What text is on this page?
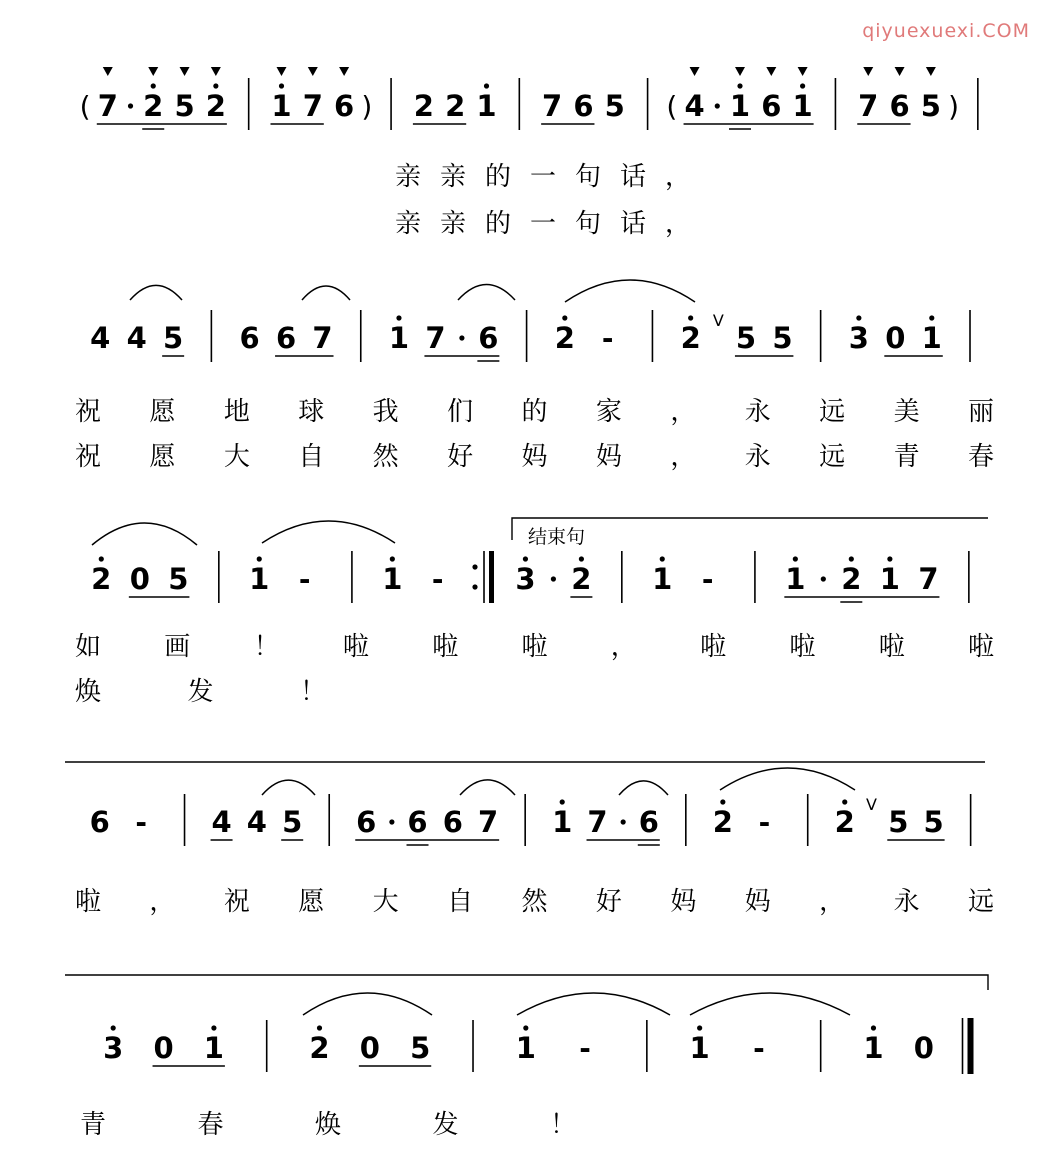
qiyuexuexi.COM
( 7 2 5 2 1 7 6 ) 2 2 1 7 6 5 ( 4 1 6 1 7 6 5 )
亲 亲 的 一 句 话 ，
亲 亲 的 一 句 话 ，
4 4 5 6 6 7 1 7 6 2 - 2
V
5 5 3 0 1
祝 愿 地 球 我 们 的 家 ， 永 远 美 丽
祝 愿 大 自 然 好 妈 妈 ， 永 远 青 春
2 0 5 1 - 1 - 3 2 1 - 1 2 1 7
如 画 ！ 啦 啦 啦 ， 啦 啦 啦 啦
焕	发	！
6 - 4 4 5 6 6 6 7 1 7 6 2 - 2
V
5 5
啦 ， 祝 愿 大 自 然 好 妈 妈 ， 永 远
3 0 1	2 0 5	1 -	1 -	1 0
青	春	焕	发	！
结束句
